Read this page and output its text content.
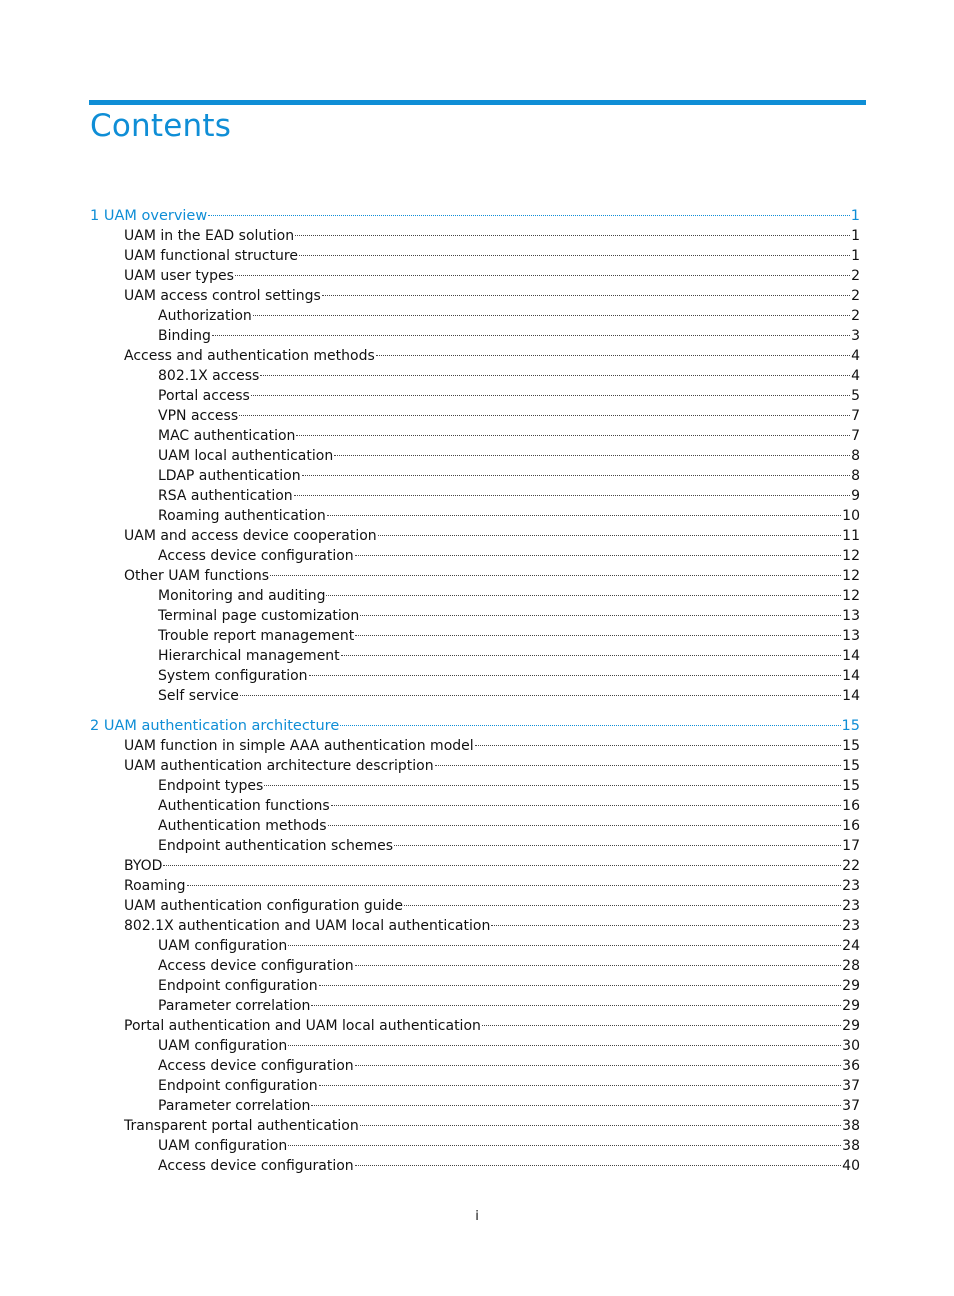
Contents
1 UAM overview	1
UAM in the EAD solution	1
UAM functional structure	1
UAM user types	2
UAM access control settings	2
Authorization	2
Binding	3
Access and authentication methods	4
802.1X access	4
Portal access	5
VPN access	7
MAC authentication	7
UAM local authentication	8
LDAP authentication	8
RSA authentication	9
Roaming authentication	10
UAM and access device cooperation	11
Access device configuration	12
Other UAM functions	12
Monitoring and auditing	12
Terminal page customization	13
Trouble report management	13
Hierarchical management	14
System configuration	14
Self service	14
2 UAM authentication architecture	15
UAM function in simple AAA authentication model	15
UAM authentication architecture description	15
Endpoint types	15
Authentication functions	16
Authentication methods	16
Endpoint authentication schemes	17
BYOD	22
Roaming	23
UAM authentication configuration guide	23
802.1X authentication and UAM local authentication	23
UAM configuration	24
Access device configuration	28
Endpoint configuration	29
Parameter correlation	29
Portal authentication and UAM local authentication	29
UAM configuration	30
Access device configuration	36
Endpoint configuration	37
Parameter correlation	37
Transparent portal authentication	38
UAM configuration	38
Access device configuration	40
i
